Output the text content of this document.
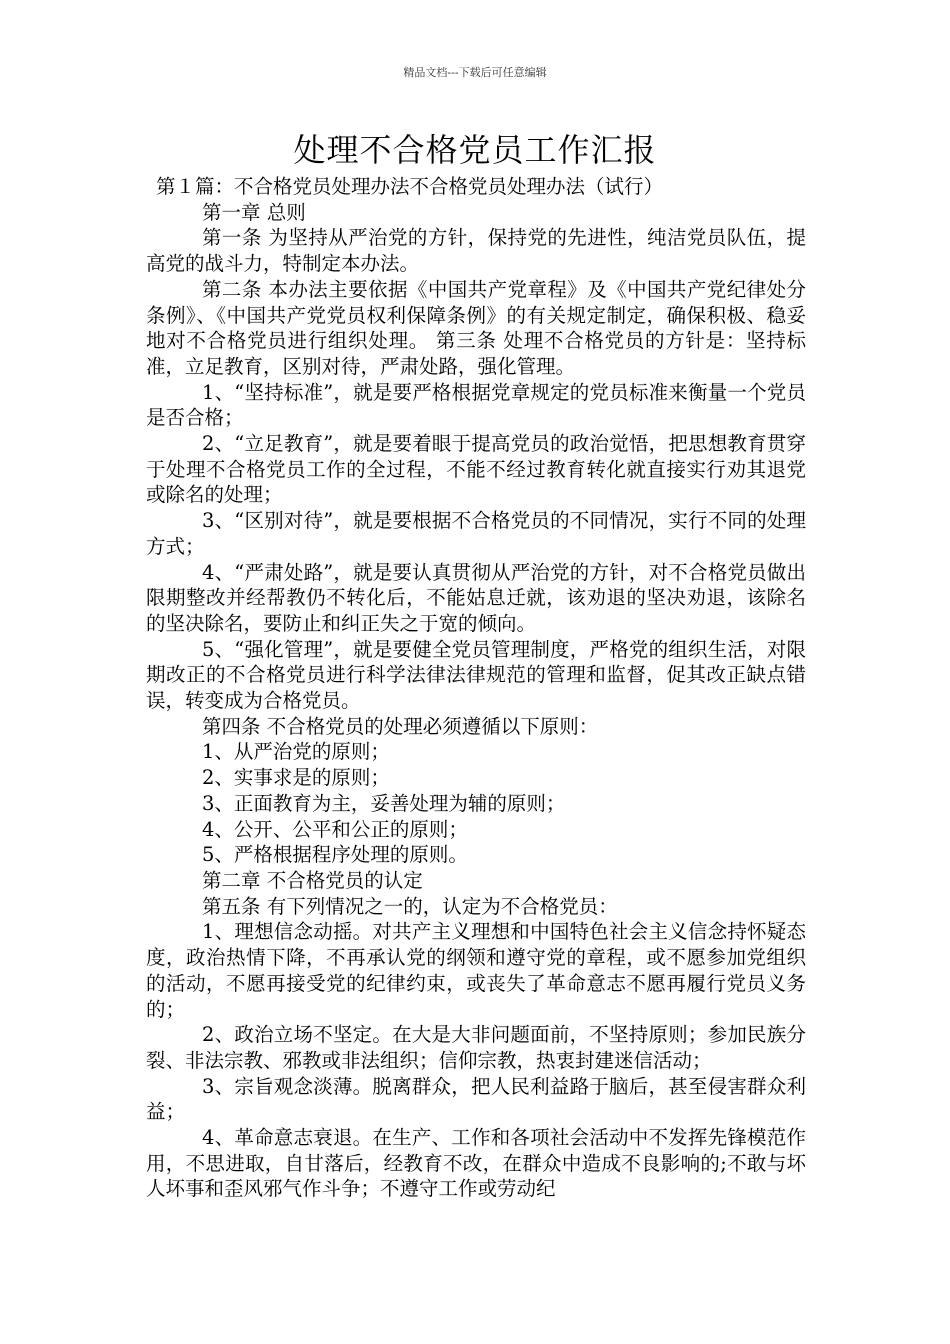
精品文档---下载后可任意编辑
处理不合格党员工作汇报

第１篇：不合格党员处理办法不合格党员处理办法（试行）

第一章 总则

第一条 为坚持从严治党的方针，保持党的先进性，纯洁党员队伍，提高党的战斗力，特制定本办法。

第二条 本办法主要依据《中国共产党章程》及《中国共产党纪律处分条例》、《中国共产党党员权利保障条例》的有关规定制定，确保积极、稳妥地对不合格党员进行组织处理。 第三条 处理不合格党员的方针是：坚持标准，立足教育，区别对待，严肃处路，强化管理。

1、“坚持标准”，就是要严格根据党章规定的党员标准来衡量一个党员是否合格；

2、“立足教育”，就是要着眼于提高党员的政治觉悟，把思想教育贯穿于处理不合格党员工作的全过程，不能不经过教育转化就直接实行劝其退党或除名的处理；

3、“区别对待”，就是要根据不合格党员的不同情况，实行不同的处理方式；

4、“严肃处路”，就是要认真贯彻从严治党的方针，对不合格党员做出限期整改并经帮教仍不转化后，不能姑息迁就，该劝退的坚决劝退，该除名的坚决除名，要防止和纠正失之于宽的倾向。

5、“强化管理”，就是要健全党员管理制度，严格党的组织生活，对限期改正的不合格党员进行科学法律法律规范的管理和监督，促其改正缺点错误，转变成为合格党员。

第四条 不合格党员的处理必须遵循以下原则：

1、从严治党的原则；

2、实事求是的原则；

3、正面教育为主，妥善处理为辅的原则；

4、公开、公平和公正的原则；

5、严格根据程序处理的原则。

第二章 不合格党员的认定

第五条 有下列情况之一的，认定为不合格党员：

1、理想信念动摇。对共产主义理想和中国特色社会主义信念持怀疑态度，政治热情下降，不再承认党的纲领和遵守党的章程，或不愿参加党组织的活动，不愿再接受党的纪律约束，或丧失了革命意志不愿再履行党员义务的；

2、政治立场不坚定。在大是大非问题面前，不坚持原则；参加民族分裂、非法宗教、邪教或非法组织；信仰宗教，热衷封建迷信活动；

3、宗旨观念淡薄。脱离群众，把人民利益路于脑后，甚至侵害群众利益；

4、革命意志衰退。在生产、工作和各项社会活动中不发挥先锋模范作用，不思进取，自甘落后，经教育不改，在群众中造成不良影响的;不敢与坏人坏事和歪风邪气作斗争；不遵守工作或劳动纪
